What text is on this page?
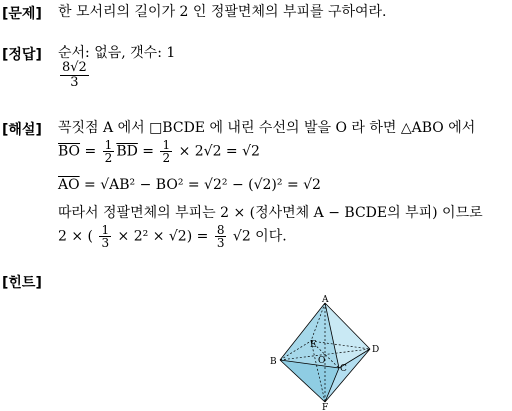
[문제] 한 모서리의 길이가 2 인 정팔면체의 부피를 구하여라.
[정답] 순서: 없음, 갯수: 1
$\frac{8√2}{3}$
[해설] 꼭짓점 A 에서 □BCDE 에 내린 수선의 발을 O 라 하면 △ABO 에서
$\overline{BO} = \frac{1}{2} \overline{BD} = \frac{1}{2} \times 2√2 = √2$
$\overline{AO} = √AB^2 - BO^2 = √2^2 - (√2)^2 = √2$
따라서 정팔면체의 부피는 2 × (정사면체 A − BCDE의 부피) 이므로
2 × ( $\frac{1}{3} \times 2^2 \times √2) = \frac{8}{3} √2$ 이다.
[힌트]
A
B
C
D
E
F
O
